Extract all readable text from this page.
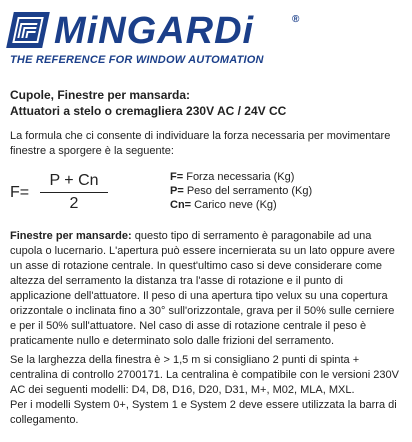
MiNGARDi	®
THE REFERENCE FOR WINDOW AUTOMATION
Cupole, Finestre per mansarda:
Attuatori a stelo o cremagliera 230V AC / 24V CC

La formula che ci consente di individuare la forza necessaria per movimentare finestre a sporgere è la seguente:

F=
P + Cn
2
F= Forza necessaria (Kg)
P= Peso del serramento (Kg)
Cn= Carico neve (Kg)

Finestre per mansarde: questo tipo di serramento è paragonabile ad una cupola o lucernario. L'apertura può essere incernierata su un lato oppure avere un asse di rotazione centrale. In quest'ultimo caso si deve considerare come altezza del serramento la distanza tra l'asse di rotazione e il punto di applicazione dell'attuatore. Il peso di una apertura tipo velux su una copertura orizzontale o inclinata fino a 30° sull'orizzontale, grava per il 50% sulle cerniere e per il 50% sull'attuatore. Nel caso di asse di rotazione centrale il peso è praticamente nullo e determinato solo dalle frizioni del serramento.

Se la larghezza della finestra è > 1,5 m si consigliano 2 punti di spinta + centralina di controllo 2700171. La centralina è compatibile con le versioni 230V AC dei seguenti modelli: D4, D8, D16, D20, D31, M+, M02, MLA, MXL.
Per i modelli System 0+, System 1 e System 2 deve essere utilizzata la barra di collegamento.
